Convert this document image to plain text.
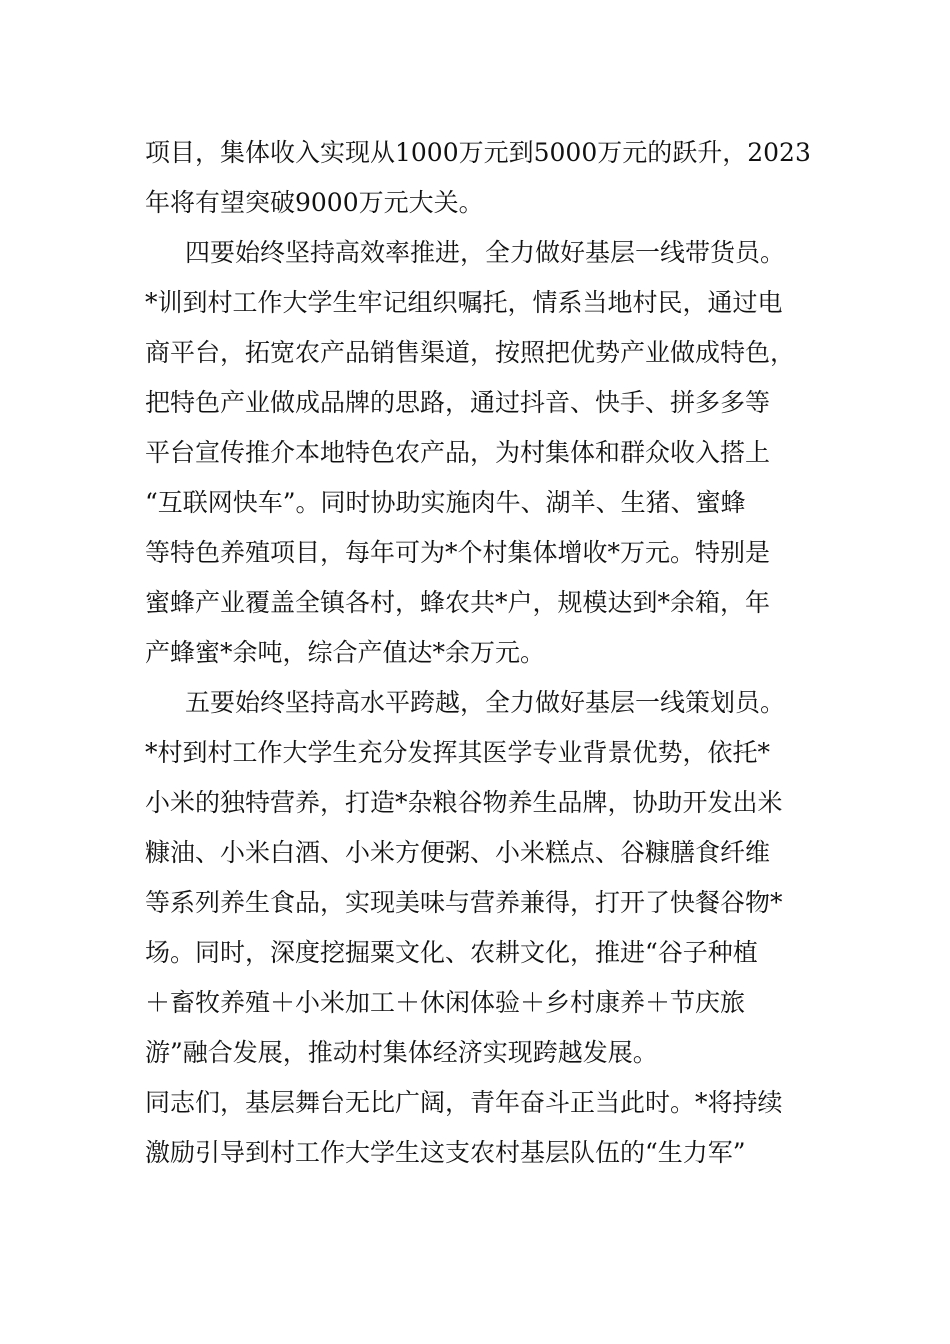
项目，集体收入实现从1000万元到5000万元的跃升，2023
年将有望突破9000万元大关。
四要始终坚持高效率推进，全力做好基层一线带货员。
*训到村工作大学生牢记组织嘱托，情系当地村民，通过电
商平台，拓宽农产品销售渠道，按照把优势产业做成特色，
把特色产业做成品牌的思路，通过抖音、快手、拼多多等
平台宣传推介本地特色农产品，为村集体和群众收入搭上
“互联网快车”。同时协助实施肉牛、湖羊、生猪、蜜蜂
等特色养殖项目，每年可为*个村集体增收*万元。特别是
蜜蜂产业覆盖全镇各村，蜂农共*户，规模达到*余箱，年
产蜂蜜*余吨，综合产值达*余万元。
五要始终坚持高水平跨越，全力做好基层一线策划员。
*村到村工作大学生充分发挥其医学专业背景优势，依托*
小米的独特营养，打造*杂粮谷物养生品牌，协助开发出米
糠油、小米白酒、小米方便粥、小米糕点、谷糠膳食纤维
等系列养生食品，实现美味与营养兼得，打开了快餐谷物*
场。同时，深度挖掘粟文化、农耕文化，推进“谷子种植
＋畜牧养殖＋小米加工＋休闲体验＋乡村康养＋节庆旅
游”融合发展，推动村集体经济实现跨越发展。
同志们，基层舞台无比广阔，青年奋斗正当此时。*将持续
激励引导到村工作大学生这支农村基层队伍的“生力军”
